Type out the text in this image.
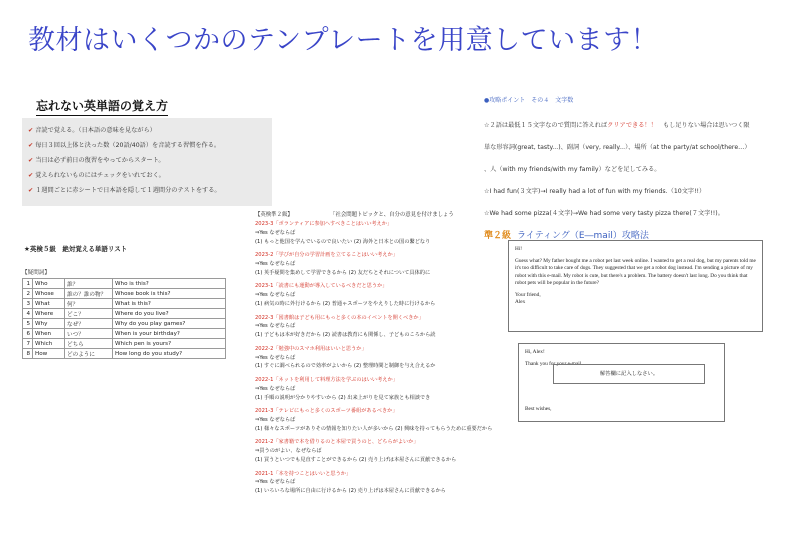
教材はいくつかのテンプレートを用意しています！
忘れない英単語の覚え方
✔ 音読で覚える。（日本語の意味を見ながら）
✔ 毎日３回以上体と決った数（20語/40語）を音読する習慣を作る。
✔ 当日は必ず前日の復習をやってからスタート。
✔ 覚えられないものにはチェックをいれておく。
✔ １週間ごとに赤シートで日本語を隠して１週間分のテストをする。
★英検５級　絶対覚える単語リスト
【疑問詞】
1	Who	誰？	Who is this?
2	Whose	誰の？誰の物？	Whose book is this?
3	What	何？	What is this?
4	Where	どこ？	Where do you live?
5	Why	なぜ？	Why do you play games?
6	When	いつ？	When is your birthday?
7	Which	どちら	Which pen is yours?
8	How	どのように	How long do you study?
【英検準２級】	「社会問題トピックと、自分の意見を付けましょう
2023-3「ボランティアに参加へすべきことはいい考えか」
⇒Yes なぜならば
(1) もっと他国を学んでいるので良いたい (2) 海外と日本との国の繋どなり
2023-2「学びが自分の学習計画を立てることはいい考えか」
⇒Yes なぜならば
(1) 英手疑問を集めして学習できるから (2) 友だちとそれについて具体的に
2023-1「読書にも運動が導入しているべきだと思うか」
⇒Yes なぜならば
(1) 病気の時に外行けるから (2) 普通ゃスポーツをやえりした時に行けるから
2022-3「図書館は子ども用にもっと多くの本のイベントを開くべきか」
⇒Yes なぜならば
(1) 子どもは本が好きだから (2) 読書は教育にも関係し、子どものころから読
2022-2「勉強中のスマホ利用はいいと思うか」
⇒Yes なぜならば
(1) すぐに調べられるので効率がよいから (2) 整理時間と制御を与え合えるか
2022-1「ネットを利用して料理方法を学ぶのはいい考えか」
⇒Yes なぜならば
(1) 手順の説明が分かりやすいから (2) 出来上がりを見て家族とも相談でき
2021-3「テレビにもっと多くのスポーツ番組があるべきか」
⇒Yes なぜならば
(1) 様々なスポーツがありその情報を知りたい人が多いから (2) 興味を持ってもらうために重要だから
2021-2「家書籍で本を借りるのと本屋で買うのと、どちらがよいか」
⇒買うのがよい、なぜならば
(1) 買うといつでも見直すことができるから (2) 売り上げは本屋さんに貢献できるから
2021-1「本を持つことはいいと思うか」
⇒Yes なぜならば
(1) いろいろな場所に自由に行けるから (2) 売り上げは本屋さんに貢献できるから
●攻略ポイント　その４　文字数
☆２語は最低１５文字なので質問に答えればクリアできる！！　もし足りない場合は思いつく限
単な形容詞(great, tasty...)、副詞（very, really...）、場所（at the party/at school/there…）
、人（with my friends/with my family）などを足してみる。
☆I had fun(３文字)→I really had a lot of fun with my friends.（10文字!!）
☆We had some pizza(４文字)→We had some very tasty pizza there(７文字!!)。
準２級 ライティング（E―mail）攻略法
Hi!
Guess what? My father bought me a robot pet last week online. I wanted to get a real dog, but my parents told me it's too difficult to take care of dogs. They suggested that we get a robot dog instead. I'm sending a picture of my robot with this e-mail. My robot is cute, but there's a problem. The battery doesn't last long. Do you think that robot pets will be popular in the future?
Your friend,
Alex
Hi, Alex!
Thank you for your e-mail.
解答欄に記入しなさい。
Best wishes,
